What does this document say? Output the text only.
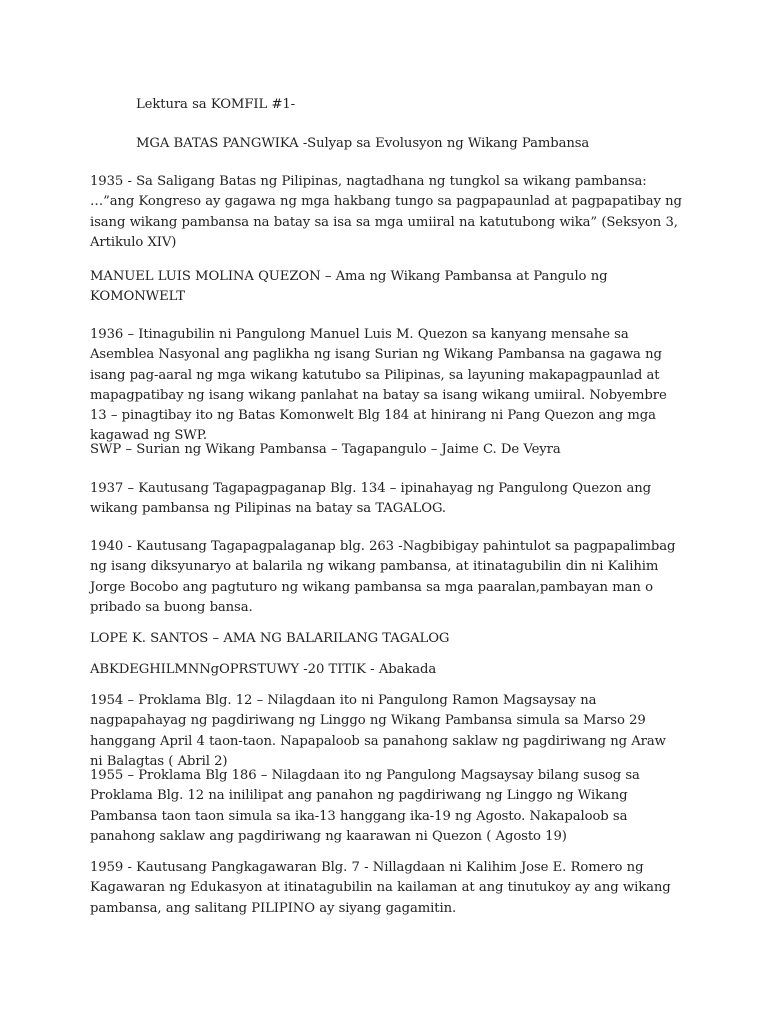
Lektura sa KOMFIL #1-

MGA BATAS PANGWIKA -Sulyap sa Evolusyon ng Wikang Pambansa

1935 - Sa Saligang Batas ng Pilipinas, nagtadhana ng tungkol sa wikang pambansa: …”ang Kongreso ay gagawa ng mga hakbang tungo sa pagpapaunlad at pagpapatibay ng isang wikang pambansa na batay sa isa sa mga umiiral na katutubong wika” (Seksyon 3, Artikulo XIV)

MANUEL LUIS MOLINA QUEZON – Ama ng Wikang Pambansa at Pangulo ng KOMONWELT

1936 – Itinagubilin ni Pangulong Manuel Luis M. Quezon sa kanyang mensahe sa Asemblea Nasyonal ang paglikha ng isang Surian ng Wikang Pambansa na gagawa ng isang pag-aaral ng mga wikang katutubo sa Pilipinas, sa layuning makapagpaunlad at mapagpatibay ng isang wikang panlahat na batay sa isang wikang umiiral. Nobyembre 13 – pinagtibay ito ng Batas Komonwelt Blg 184 at hinirang ni Pang Quezon ang mga kagawad ng SWP.

SWP – Surian ng Wikang Pambansa – Tagapangulo – Jaime C. De Veyra

1937 – Kautusang Tagapagpaganap Blg. 134 – ipinahayag ng Pangulong Quezon ang wikang pambansa ng Pilipinas na batay sa TAGALOG.

1940 - Kautusang Tagapagpalaganap blg. 263 -Nagbibigay pahintulot sa pagpapalimbag ng isang diksyunaryo at balarila ng wikang pambansa, at itinatagubilin din ni Kalihim Jorge Bocobo ang pagtuturo ng wikang pambansa sa mga paaralan,pambayan man o pribado sa buong bansa.

LOPE K. SANTOS – AMA NG BALARILANG TAGALOG

ABKDEGHILMNNgOPRSTUWY -20 TITIK - Abakada

1954 – Proklama Blg. 12 – Nilagdaan ito ni Pangulong Ramon Magsaysay na nagpapahayag ng pagdiriwang ng Linggo ng Wikang Pambansa simula sa Marso 29 hanggang April 4 taon-taon. Napapaloob sa panahong saklaw ng pagdiriwang ng Araw ni Balagtas ( Abril 2)

1955 – Proklama Blg 186 – Nilagdaan ito ng Pangulong Magsaysay bilang susog sa Proklama Blg. 12 na inililipat ang panahon ng pagdiriwang ng Linggo ng Wikang Pambansa taon taon simula sa ika-13 hanggang ika-19 ng Agosto. Nakapaloob sa panahong saklaw ang pagdiriwang ng kaarawan ni Quezon ( Agosto 19)

1959 - Kautusang Pangkagawaran Blg. 7 - Nillagdaan ni Kalihim Jose E. Romero ng Kagawaran ng Edukasyon at itinatagubilin na kailaman at ang tinutukoy ay ang wikang pambansa, ang salitang PILIPINO ay siyang gagamitin.
